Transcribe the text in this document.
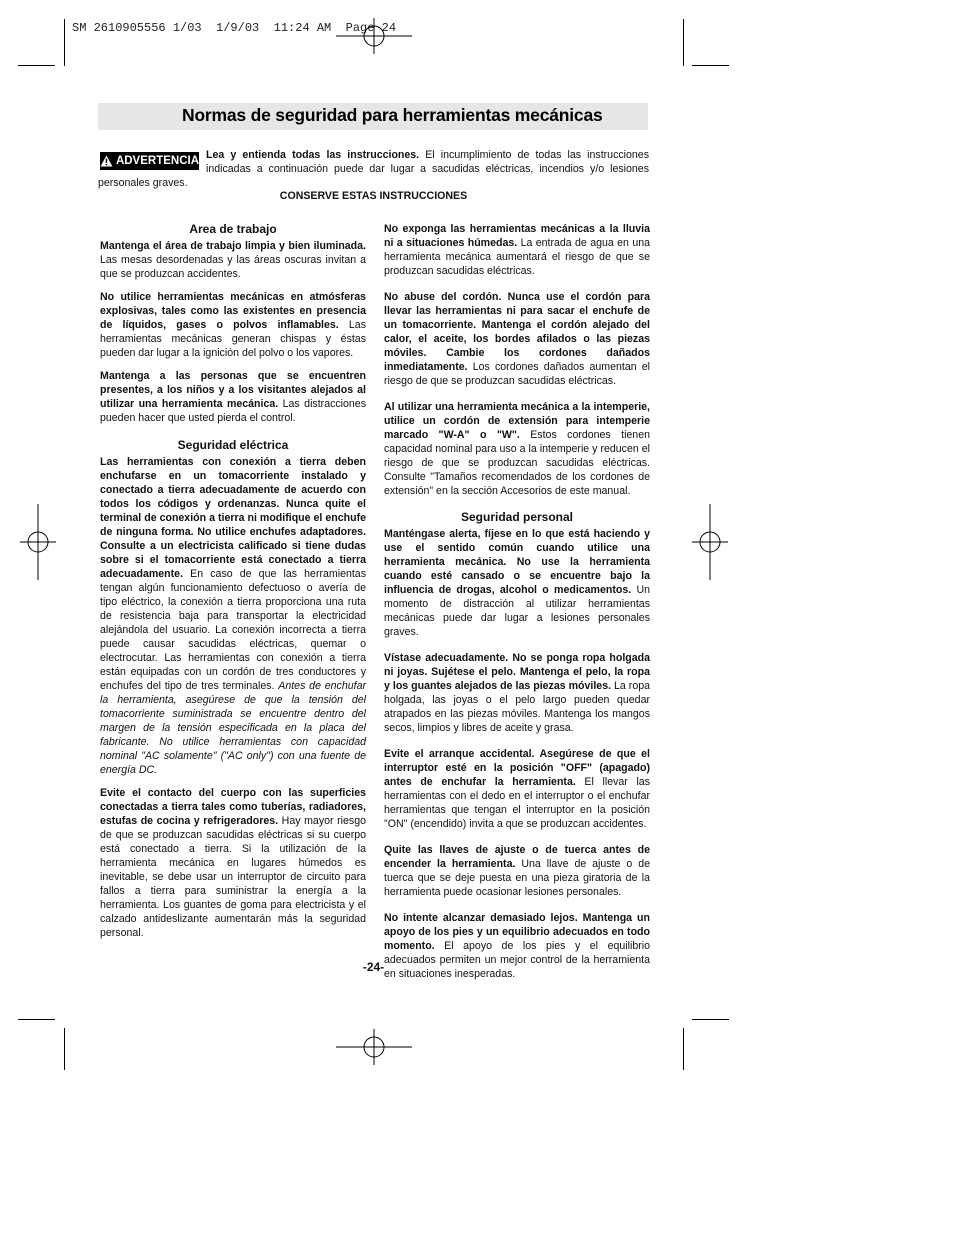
SM 2610905556 1/03  1/9/03  11:24 AM  Page 24
Normas de seguridad para herramientas mecánicas
Lea y entienda todas las instrucciones. El incumplimiento de todas las instrucciones indicadas a continuación puede dar lugar a sacudidas eléctricas, incendios y/o lesiones personales graves.
ADVERTENCIA
CONSERVE ESTAS INSTRUCCIONES
Area de trabajo

Mantenga el área de trabajo limpia y bien iluminada. Las mesas desordenadas y las áreas oscuras invitan a que se produzcan accidentes.

No utilice herramientas mecánicas en atmósferas explosivas, tales como las existentes en presencia de líquidos, gases o polvos inflamables. Las herramientas mecánicas generan chispas y éstas pueden dar lugar a la ignición del polvo o los vapores.

Mantenga a las personas que se encuentren presentes, a los niños y a los visitantes alejados al utilizar una herramienta mecánica. Las distracciones pueden hacer que usted pierda el control.

Seguridad eléctrica

Las herramientas con conexión a tierra deben enchufarse en un tomacorriente instalado y conectado a tierra adecuadamente de acuerdo con todos los códigos y ordenanzas. Nunca quite el terminal de conexión a tierra ni modifique el enchufe de ninguna forma. No utilice enchufes adaptadores. Consulte a un electricista calificado si tiene dudas sobre si el tomacorriente está conectado a tierra adecuadamente. En caso de que las herramientas tengan algún funcionamiento defectuoso o avería de tipo eléctrico, la conexión a tierra proporciona una ruta de resistencia baja para transportar la electricidad alejándola del usuario. La conexión incorrecta a tierra puede causar sacudidas eléctricas, quemar o electrocutar. Las herramientas con conexión a tierra están equipadas con un cordón de tres conductores y enchufes del tipo de tres terminales. Antes de enchufar la herramienta, asegúrese de que la tensión del tomacorriente suministrada se encuentre dentro del margen de la tensión especificada en la placa del fabricante. No utilice herramientas con capacidad nominal "AC solamente" ("AC only") con una fuente de energía DC.

Evite el contacto del cuerpo con las superficies conectadas a tierra tales como tuberías, radiadores, estufas de cocina y refrigeradores. Hay mayor riesgo de que se produzcan sacudidas eléctricas si su cuerpo está conectado a tierra. Si la utilización de la herramienta mecánica en lugares húmedos es inevitable, se debe usar un interruptor de circuito para fallos a tierra para suministrar la energía a la herramienta. Los guantes de goma para electricista y el calzado antideslizante aumentarán más la seguridad personal.

No exponga las herramientas mecánicas a la lluvia ni a situaciones húmedas. La entrada de agua en una herramienta mecánica aumentará el riesgo de que se produzcan sacudidas eléctricas.

No abuse del cordón. Nunca use el cordón para llevar las herramientas ni para sacar el enchufe de un tomacorriente. Mantenga el cordón alejado del calor, el aceite, los bordes afilados o las piezas móviles. Cambie los cordones dañados inmediatamente. Los cordones dañados aumentan el riesgo de que se produzcan sacudidas eléctricas.

Al utilizar una herramienta mecánica a la intemperie, utilice un cordón de extensión para intemperie marcado "W-A" o "W". Estos cordones tienen capacidad nominal para uso a la intemperie y reducen el riesgo de que se produzcan sacudidas eléctricas. Consulte "Tamaños recomendados de los cordones de extensión" en la sección Accesorios de este manual.

Seguridad personal

Manténgase alerta, fíjese en lo que está haciendo y use el sentido común cuando utilice una herramienta mecánica. No use la herramienta cuando esté cansado o se encuentre bajo la influencia de drogas, alcohol o medicamentos. Un momento de distracción al utilizar herramientas mecánicas puede dar lugar a lesiones personales graves.

Vístase adecuadamente. No se ponga ropa holgada ni joyas. Sujétese el pelo. Mantenga el pelo, la ropa y los guantes alejados de las piezas móviles. La ropa holgada, las joyas o el pelo largo pueden quedar atrapados en las piezas móviles. Mantenga los mangos secos, limpios y libres de aceite y grasa.

Evite el arranque accidental. Asegúrese de que el interruptor esté en la posición "OFF" (apagado) antes de enchufar la herramienta. El llevar las herramientas con el dedo en el interruptor o el enchufar herramientas que tengan el interruptor en la posición "ON" (encendido) invita a que se produzcan accidentes.

Quite las llaves de ajuste o de tuerca antes de encender la herramienta. Una llave de ajuste o de tuerca que se deje puesta en una pieza giratoria de la herramienta puede ocasionar lesiones personales.

No intente alcanzar demasiado lejos. Mantenga un apoyo de los pies y un equilibrio adecuados en todo momento. El apoyo de los pies y el equilibrio adecuados permiten un mejor control de la herramienta en situaciones inesperadas.

-24-
